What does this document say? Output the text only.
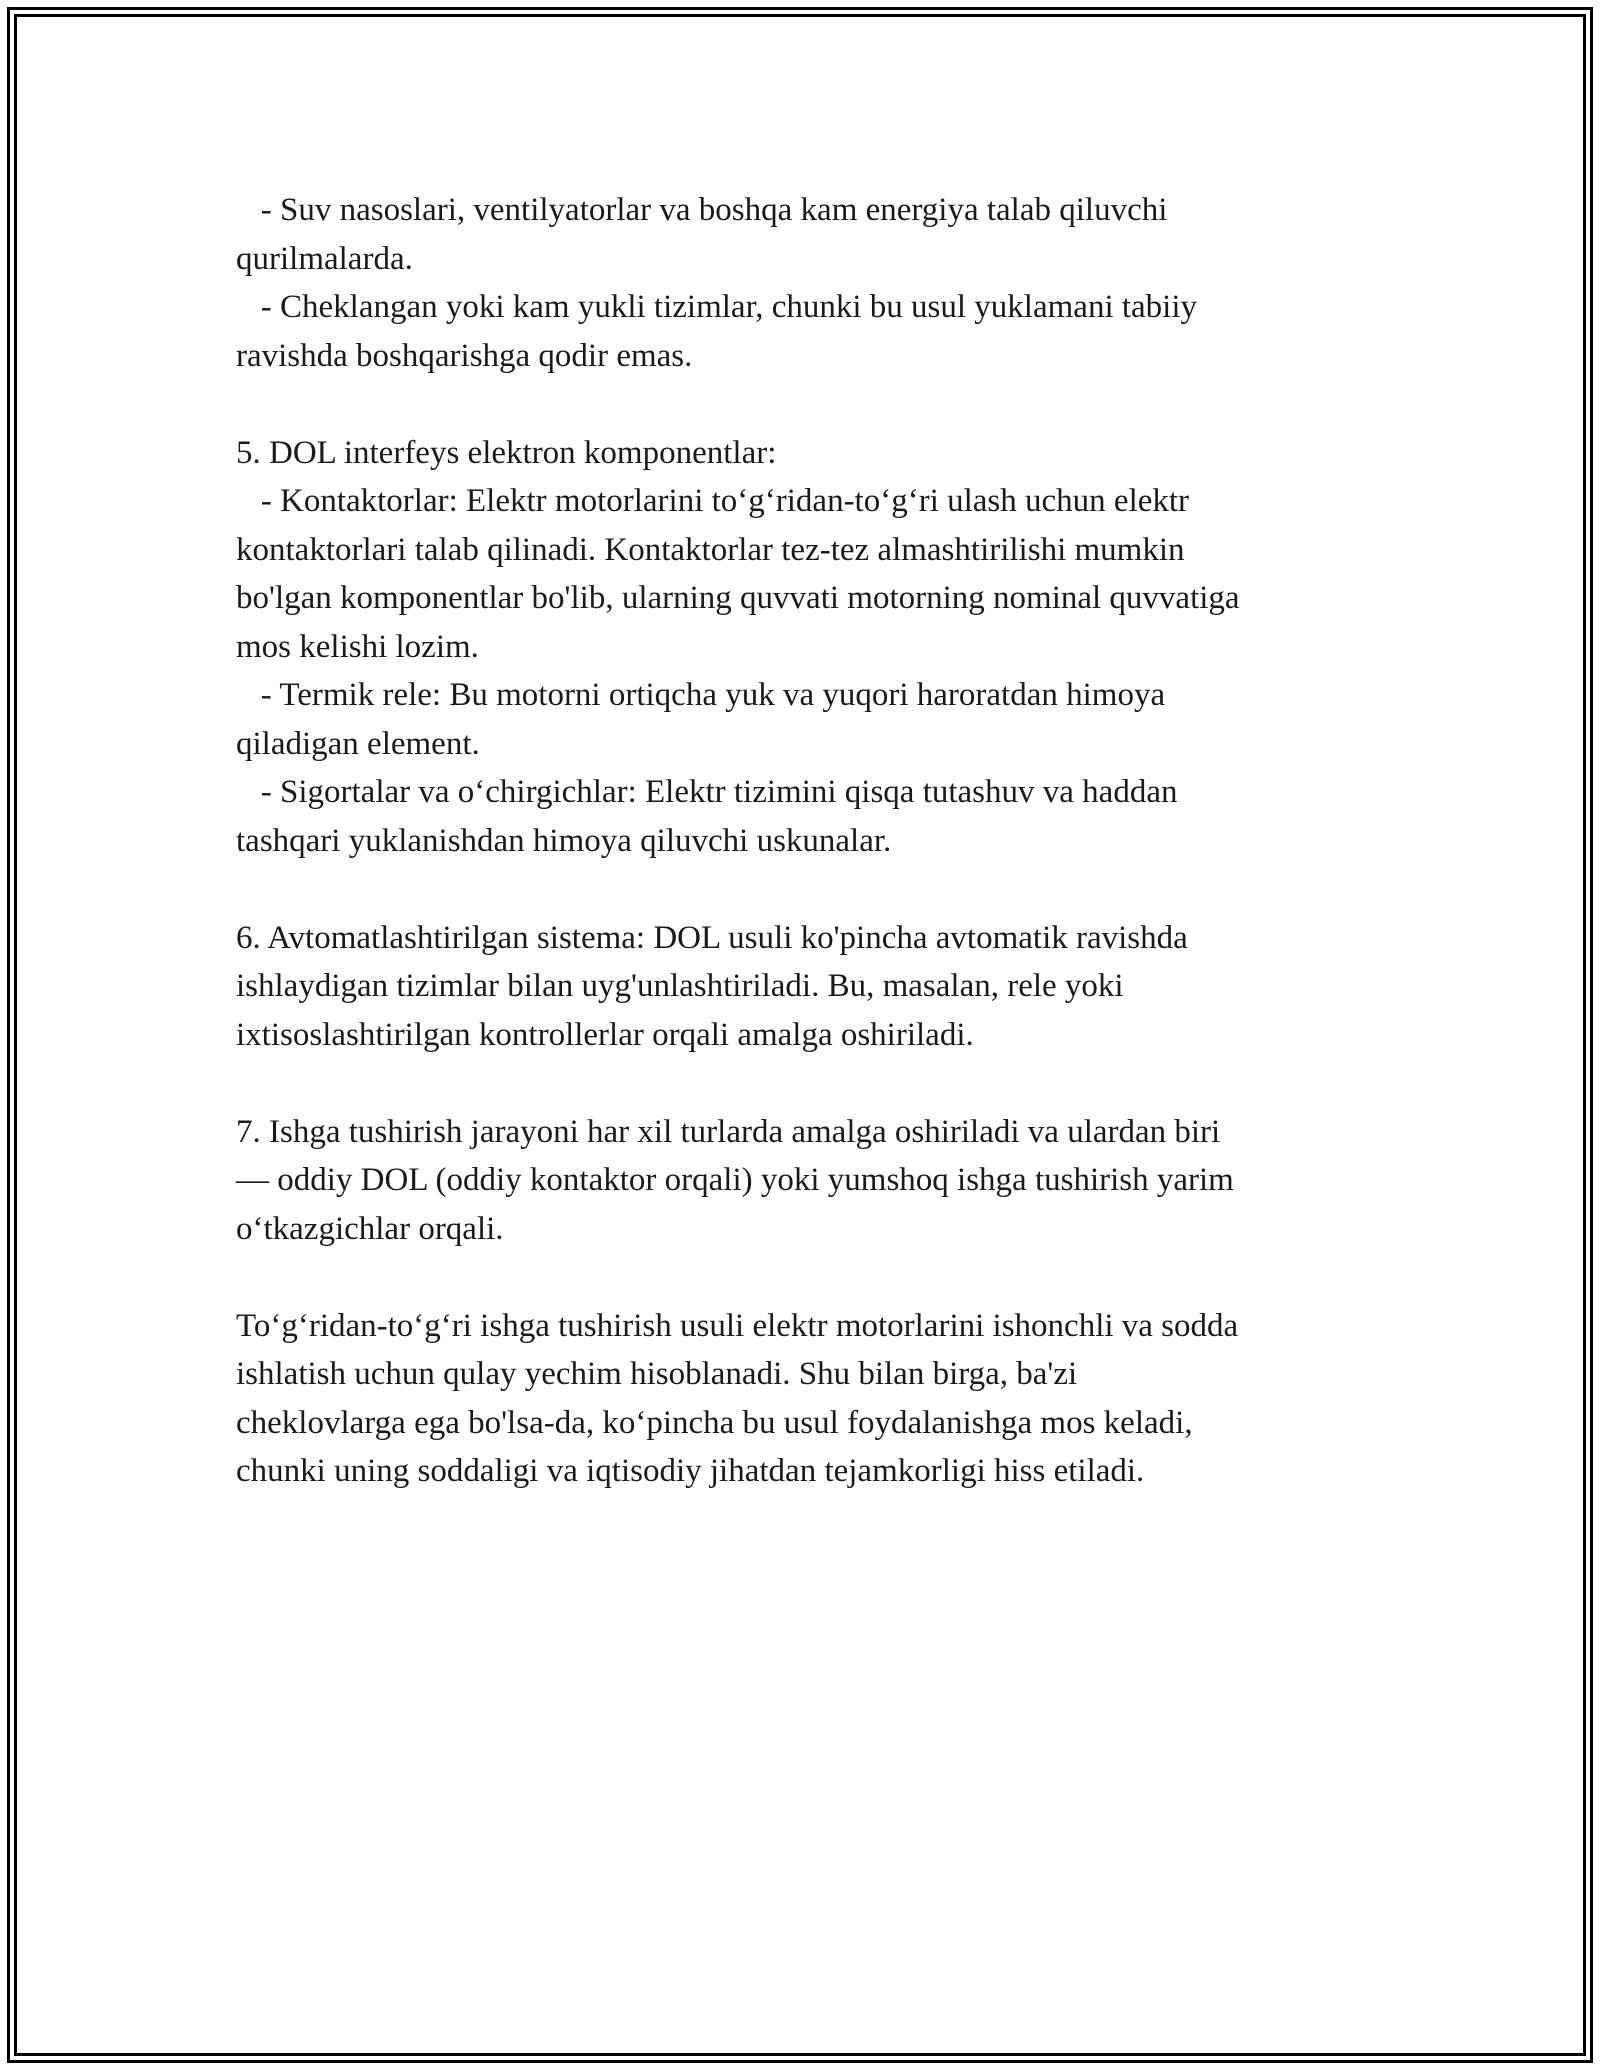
- Suv nasoslari, ventilyatorlar va boshqa kam energiya talab qiluvchi
qurilmalarda.
- Cheklangan yoki kam yukli tizimlar, chunki bu usul yuklamani tabiiy
ravishda boshqarishga qodir emas.
5. DOL interfeys elektron komponentlar:
- Kontaktorlar: Elektr motorlarini to‘g‘ridan-to‘g‘ri ulash uchun elektr
kontaktorlari talab qilinadi. Kontaktorlar tez-tez almashtirilishi mumkin
bo'lgan komponentlar bo'lib, ularning quvvati motorning nominal quvvatiga
mos kelishi lozim.
- Termik rele: Bu motorni ortiqcha yuk va yuqori haroratdan himoya
qiladigan element.
- Sigortalar va o‘chirgichlar: Elektr tizimini qisqa tutashuv va haddan
tashqari yuklanishdan himoya qiluvchi uskunalar.
6. Avtomatlashtirilgan sistema: DOL usuli ko'pincha avtomatik ravishda
ishlaydigan tizimlar bilan uyg'unlashtiriladi. Bu, masalan, rele yoki
ixtisoslashtirilgan kontrollerlar orqali amalga oshiriladi.
7. Ishga tushirish jarayoni har xil turlarda amalga oshiriladi va ulardan biri
— oddiy DOL (oddiy kontaktor orqali) yoki yumshoq ishga tushirish yarim
o‘tkazgichlar orqali.
To‘g‘ridan-to‘g‘ri ishga tushirish usuli elektr motorlarini ishonchli va sodda
ishlatish uchun qulay yechim hisoblanadi. Shu bilan birga, ba'zi
cheklovlarga ega bo'lsa-da, ko‘pincha bu usul foydalanishga mos keladi,
chunki uning soddaligi va iqtisodiy jihatdan tejamkorligi hiss etiladi.
